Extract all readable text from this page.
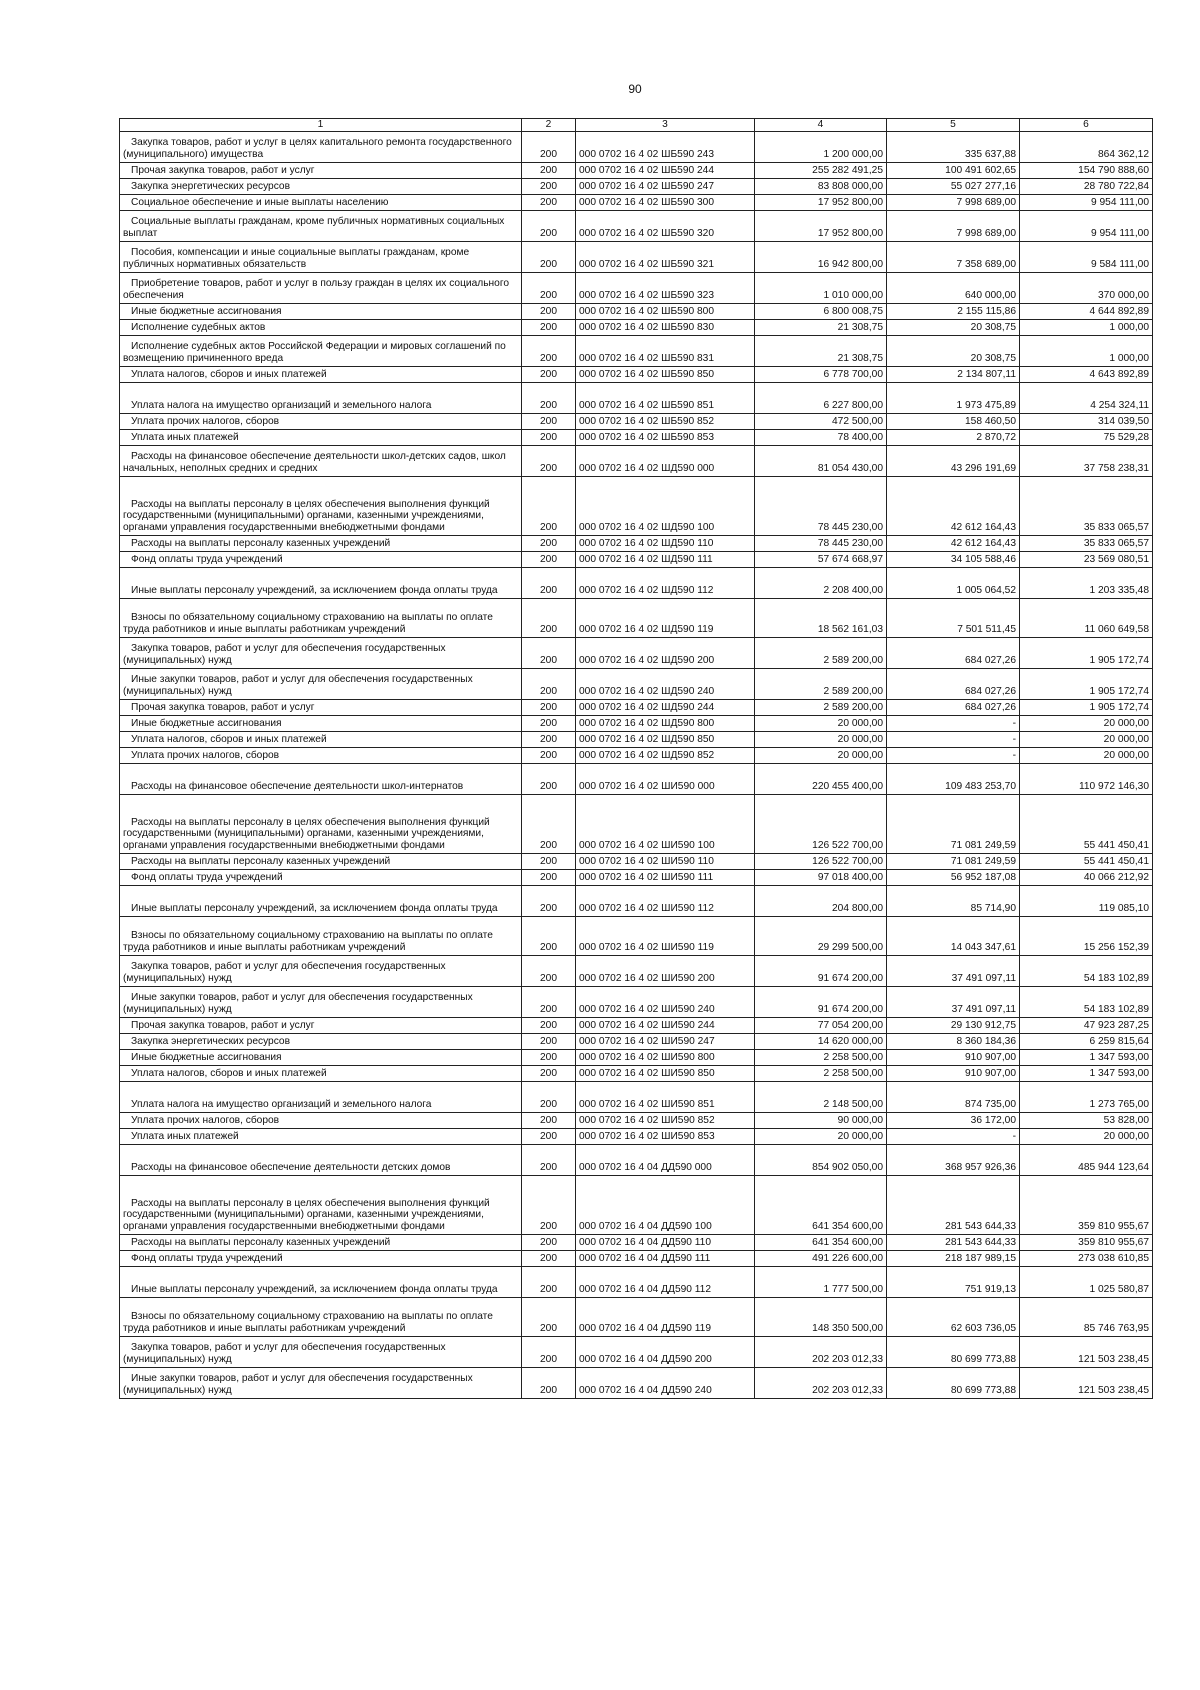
90
1	2	3	4	5	6

Закупка товаров, работ и услуг в целях капитального ремонта государственного (муниципального) имущества	200	000 0702 16 4 02 ШБ590 243	1 200 000,00	335 637,88	864 362,12

Прочая закупка товаров, работ и услуг	200	000 0702 16 4 02 ШБ590 244	255 282 491,25	100 491 602,65	154 790 888,60

Закупка энергетических ресурсов	200	000 0702 16 4 02 ШБ590 247	83 808 000,00	55 027 277,16	28 780 722,84

Социальное обеспечение и иные выплаты населению	200	000 0702 16 4 02 ШБ590 300	17 952 800,00	7 998 689,00	9 954 111,00

Социальные выплаты гражданам, кроме публичных нормативных социальных выплат	200	000 0702 16 4 02 ШБ590 320	17 952 800,00	7 998 689,00	9 954 111,00

Пособия, компенсации и иные социальные выплаты гражданам, кроме публичных нормативных обязательств	200	000 0702 16 4 02 ШБ590 321	16 942 800,00	7 358 689,00	9 584 111,00

Приобретение товаров, работ и услуг в пользу граждан в целях их социального обеспечения	200	000 0702 16 4 02 ШБ590 323	1 010 000,00	640 000,00	370 000,00

Иные бюджетные ассигнования	200	000 0702 16 4 02 ШБ590 800	6 800 008,75	2 155 115,86	4 644 892,89

Исполнение судебных актов	200	000 0702 16 4 02 ШБ590 830	21 308,75	20 308,75	1 000,00

Исполнение судебных актов Российской Федерации и мировых соглашений по возмещению причиненного вреда	200	000 0702 16 4 02 ШБ590 831	21 308,75	20 308,75	1 000,00

Уплата налогов, сборов и иных платежей	200	000 0702 16 4 02 ШБ590 850	6 778 700,00	2 134 807,11	4 643 892,89

Уплата налога на имущество организаций и земельного налога	200	000 0702 16 4 02 ШБ590 851	6 227 800,00	1 973 475,89	4 254 324,11

Уплата прочих налогов, сборов	200	000 0702 16 4 02 ШБ590 852	472 500,00	158 460,50	314 039,50

Уплата иных платежей	200	000 0702 16 4 02 ШБ590 853	78 400,00	2 870,72	75 529,28

Расходы на финансовое обеспечение деятельности школ-детских садов, школ начальных, неполных средних и средних	200	000 0702 16 4 02 ШД590 000	81 054 430,00	43 296 191,69	37 758 238,31

Расходы на выплаты персоналу в целях обеспечения выполнения функций государственными (муниципальными) органами, казенными учреждениями, органами управления государственными внебюджетными фондами	200	000 0702 16 4 02 ШД590 100	78 445 230,00	42 612 164,43	35 833 065,57

Расходы на выплаты персоналу казенных учреждений	200	000 0702 16 4 02 ШД590 110	78 445 230,00	42 612 164,43	35 833 065,57

Фонд оплаты труда учреждений	200	000 0702 16 4 02 ШД590 111	57 674 668,97	34 105 588,46	23 569 080,51

Иные выплаты персоналу учреждений, за исключением фонда оплаты труда	200	000 0702 16 4 02 ШД590 112	2 208 400,00	1 005 064,52	1 203 335,48

Взносы по обязательному социальному страхованию на выплаты по оплате труда работников и иные выплаты работникам учреждений	200	000 0702 16 4 02 ШД590 119	18 562 161,03	7 501 511,45	11 060 649,58

Закупка товаров, работ и услуг для обеспечения государственных (муниципальных) нужд	200	000 0702 16 4 02 ШД590 200	2 589 200,00	684 027,26	1 905 172,74

Иные закупки товаров, работ и услуг для обеспечения государственных (муниципальных) нужд	200	000 0702 16 4 02 ШД590 240	2 589 200,00	684 027,26	1 905 172,74

Прочая закупка товаров, работ и услуг	200	000 0702 16 4 02 ШД590 244	2 589 200,00	684 027,26	1 905 172,74

Иные бюджетные ассигнования	200	000 0702 16 4 02 ШД590 800	20 000,00	-	20 000,00

Уплата налогов, сборов и иных платежей	200	000 0702 16 4 02 ШД590 850	20 000,00	-	20 000,00

Уплата прочих налогов, сборов	200	000 0702 16 4 02 ШД590 852	20 000,00	-	20 000,00

Расходы на финансовое обеспечение деятельности школ-интернатов	200	000 0702 16 4 02 ШИ590 000	220 455 400,00	109 483 253,70	110 972 146,30

Расходы на выплаты персоналу в целях обеспечения выполнения функций государственными (муниципальными) органами, казенными учреждениями, органами управления государственными внебюджетными фондами	200	000 0702 16 4 02 ШИ590 100	126 522 700,00	71 081 249,59	55 441 450,41

Расходы на выплаты персоналу казенных учреждений	200	000 0702 16 4 02 ШИ590 110	126 522 700,00	71 081 249,59	55 441 450,41

Фонд оплаты труда учреждений	200	000 0702 16 4 02 ШИ590 111	97 018 400,00	56 952 187,08	40 066 212,92

Иные выплаты персоналу учреждений, за исключением фонда оплаты труда	200	000 0702 16 4 02 ШИ590 112	204 800,00	85 714,90	119 085,10

Взносы по обязательному социальному страхованию на выплаты по оплате труда работников и иные выплаты работникам учреждений	200	000 0702 16 4 02 ШИ590 119	29 299 500,00	14 043 347,61	15 256 152,39

Закупка товаров, работ и услуг для обеспечения государственных (муниципальных) нужд	200	000 0702 16 4 02 ШИ590 200	91 674 200,00	37 491 097,11	54 183 102,89

Иные закупки товаров, работ и услуг для обеспечения государственных (муниципальных) нужд	200	000 0702 16 4 02 ШИ590 240	91 674 200,00	37 491 097,11	54 183 102,89

Прочая закупка товаров, работ и услуг	200	000 0702 16 4 02 ШИ590 244	77 054 200,00	29 130 912,75	47 923 287,25

Закупка энергетических ресурсов	200	000 0702 16 4 02 ШИ590 247	14 620 000,00	8 360 184,36	6 259 815,64

Иные бюджетные ассигнования	200	000 0702 16 4 02 ШИ590 800	2 258 500,00	910 907,00	1 347 593,00

Уплата налогов, сборов и иных платежей	200	000 0702 16 4 02 ШИ590 850	2 258 500,00	910 907,00	1 347 593,00

Уплата налога на имущество организаций и земельного налога	200	000 0702 16 4 02 ШИ590 851	2 148 500,00	874 735,00	1 273 765,00

Уплата прочих налогов, сборов	200	000 0702 16 4 02 ШИ590 852	90 000,00	36 172,00	53 828,00

Уплата иных платежей	200	000 0702 16 4 02 ШИ590 853	20 000,00	-	20 000,00

Расходы на финансовое обеспечение деятельности детских домов	200	000 0702 16 4 04 ДД590 000	854 902 050,00	368 957 926,36	485 944 123,64

Расходы на выплаты персоналу в целях обеспечения выполнения функций государственными (муниципальными) органами, казенными учреждениями, органами управления государственными внебюджетными фондами	200	000 0702 16 4 04 ДД590 100	641 354 600,00	281 543 644,33	359 810 955,67

Расходы на выплаты персоналу казенных учреждений	200	000 0702 16 4 04 ДД590 110	641 354 600,00	281 543 644,33	359 810 955,67

Фонд оплаты труда учреждений	200	000 0702 16 4 04 ДД590 111	491 226 600,00	218 187 989,15	273 038 610,85

Иные выплаты персоналу учреждений, за исключением фонда оплаты труда	200	000 0702 16 4 04 ДД590 112	1 777 500,00	751 919,13	1 025 580,87

Взносы по обязательному социальному страхованию на выплаты по оплате труда работников и иные выплаты работникам учреждений	200	000 0702 16 4 04 ДД590 119	148 350 500,00	62 603 736,05	85 746 763,95

Закупка товаров, работ и услуг для обеспечения государственных (муниципальных) нужд	200	000 0702 16 4 04 ДД590 200	202 203 012,33	80 699 773,88	121 503 238,45

Иные закупки товаров, работ и услуг для обеспечения государственных (муниципальных) нужд	200	000 0702 16 4 04 ДД590 240	202 203 012,33	80 699 773,88	121 503 238,45
